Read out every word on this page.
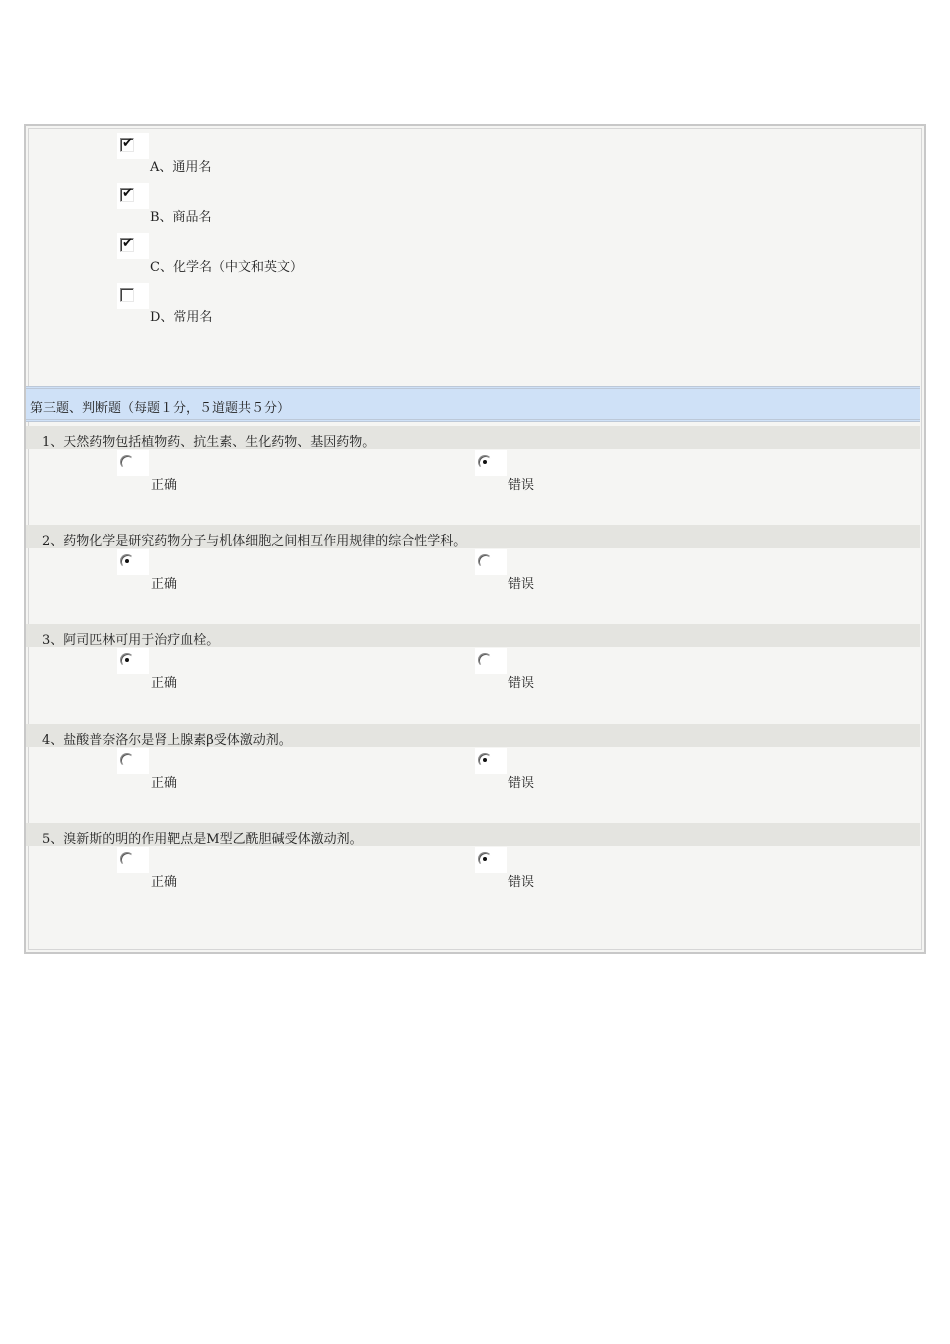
✔
A、通用名
✔
B、商品名
✔
C、化学名（中文和英文）
D、常用名
第三题、判断题（每题１分，５道题共５分）
1、天然药物包括植物药、抗生素、生化药物、基因药物。
正确	错误
2、药物化学是研究药物分子与机体细胞之间相互作用规律的综合性学科。
正确	错误
3、阿司匹林可用于治疗血栓。
正确	错误
4、盐酸普奈洛尔是肾上腺素β受体激动剂。
正确	错误
5、溴新斯的明的作用靶点是M型乙酰胆碱受体激动剂。
正确	错误
